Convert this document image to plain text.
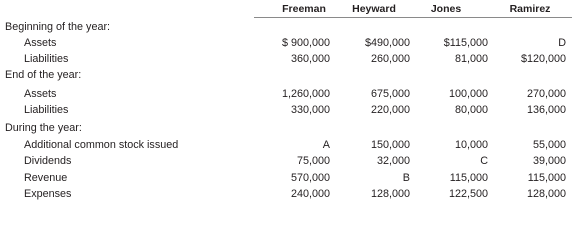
Freeman	Heyward	Jones	Ramirez
Beginning of the year:
Assets	$ 900,000	$490,000	$115,000	D
Liabilities	360,000	260,000	81,000	$120,000
End of the year:
Assets	1,260,000	675,000	100,000	270,000
Liabilities	330,000	220,000	80,000	136,000
During the year:
Additional common stock issued	A	150,000	10,000	55,000
Dividends	75,000	32,000	C	39,000
Revenue	570,000	B	115,000	115,000
Expenses	240,000	128,000	122,500	128,000
